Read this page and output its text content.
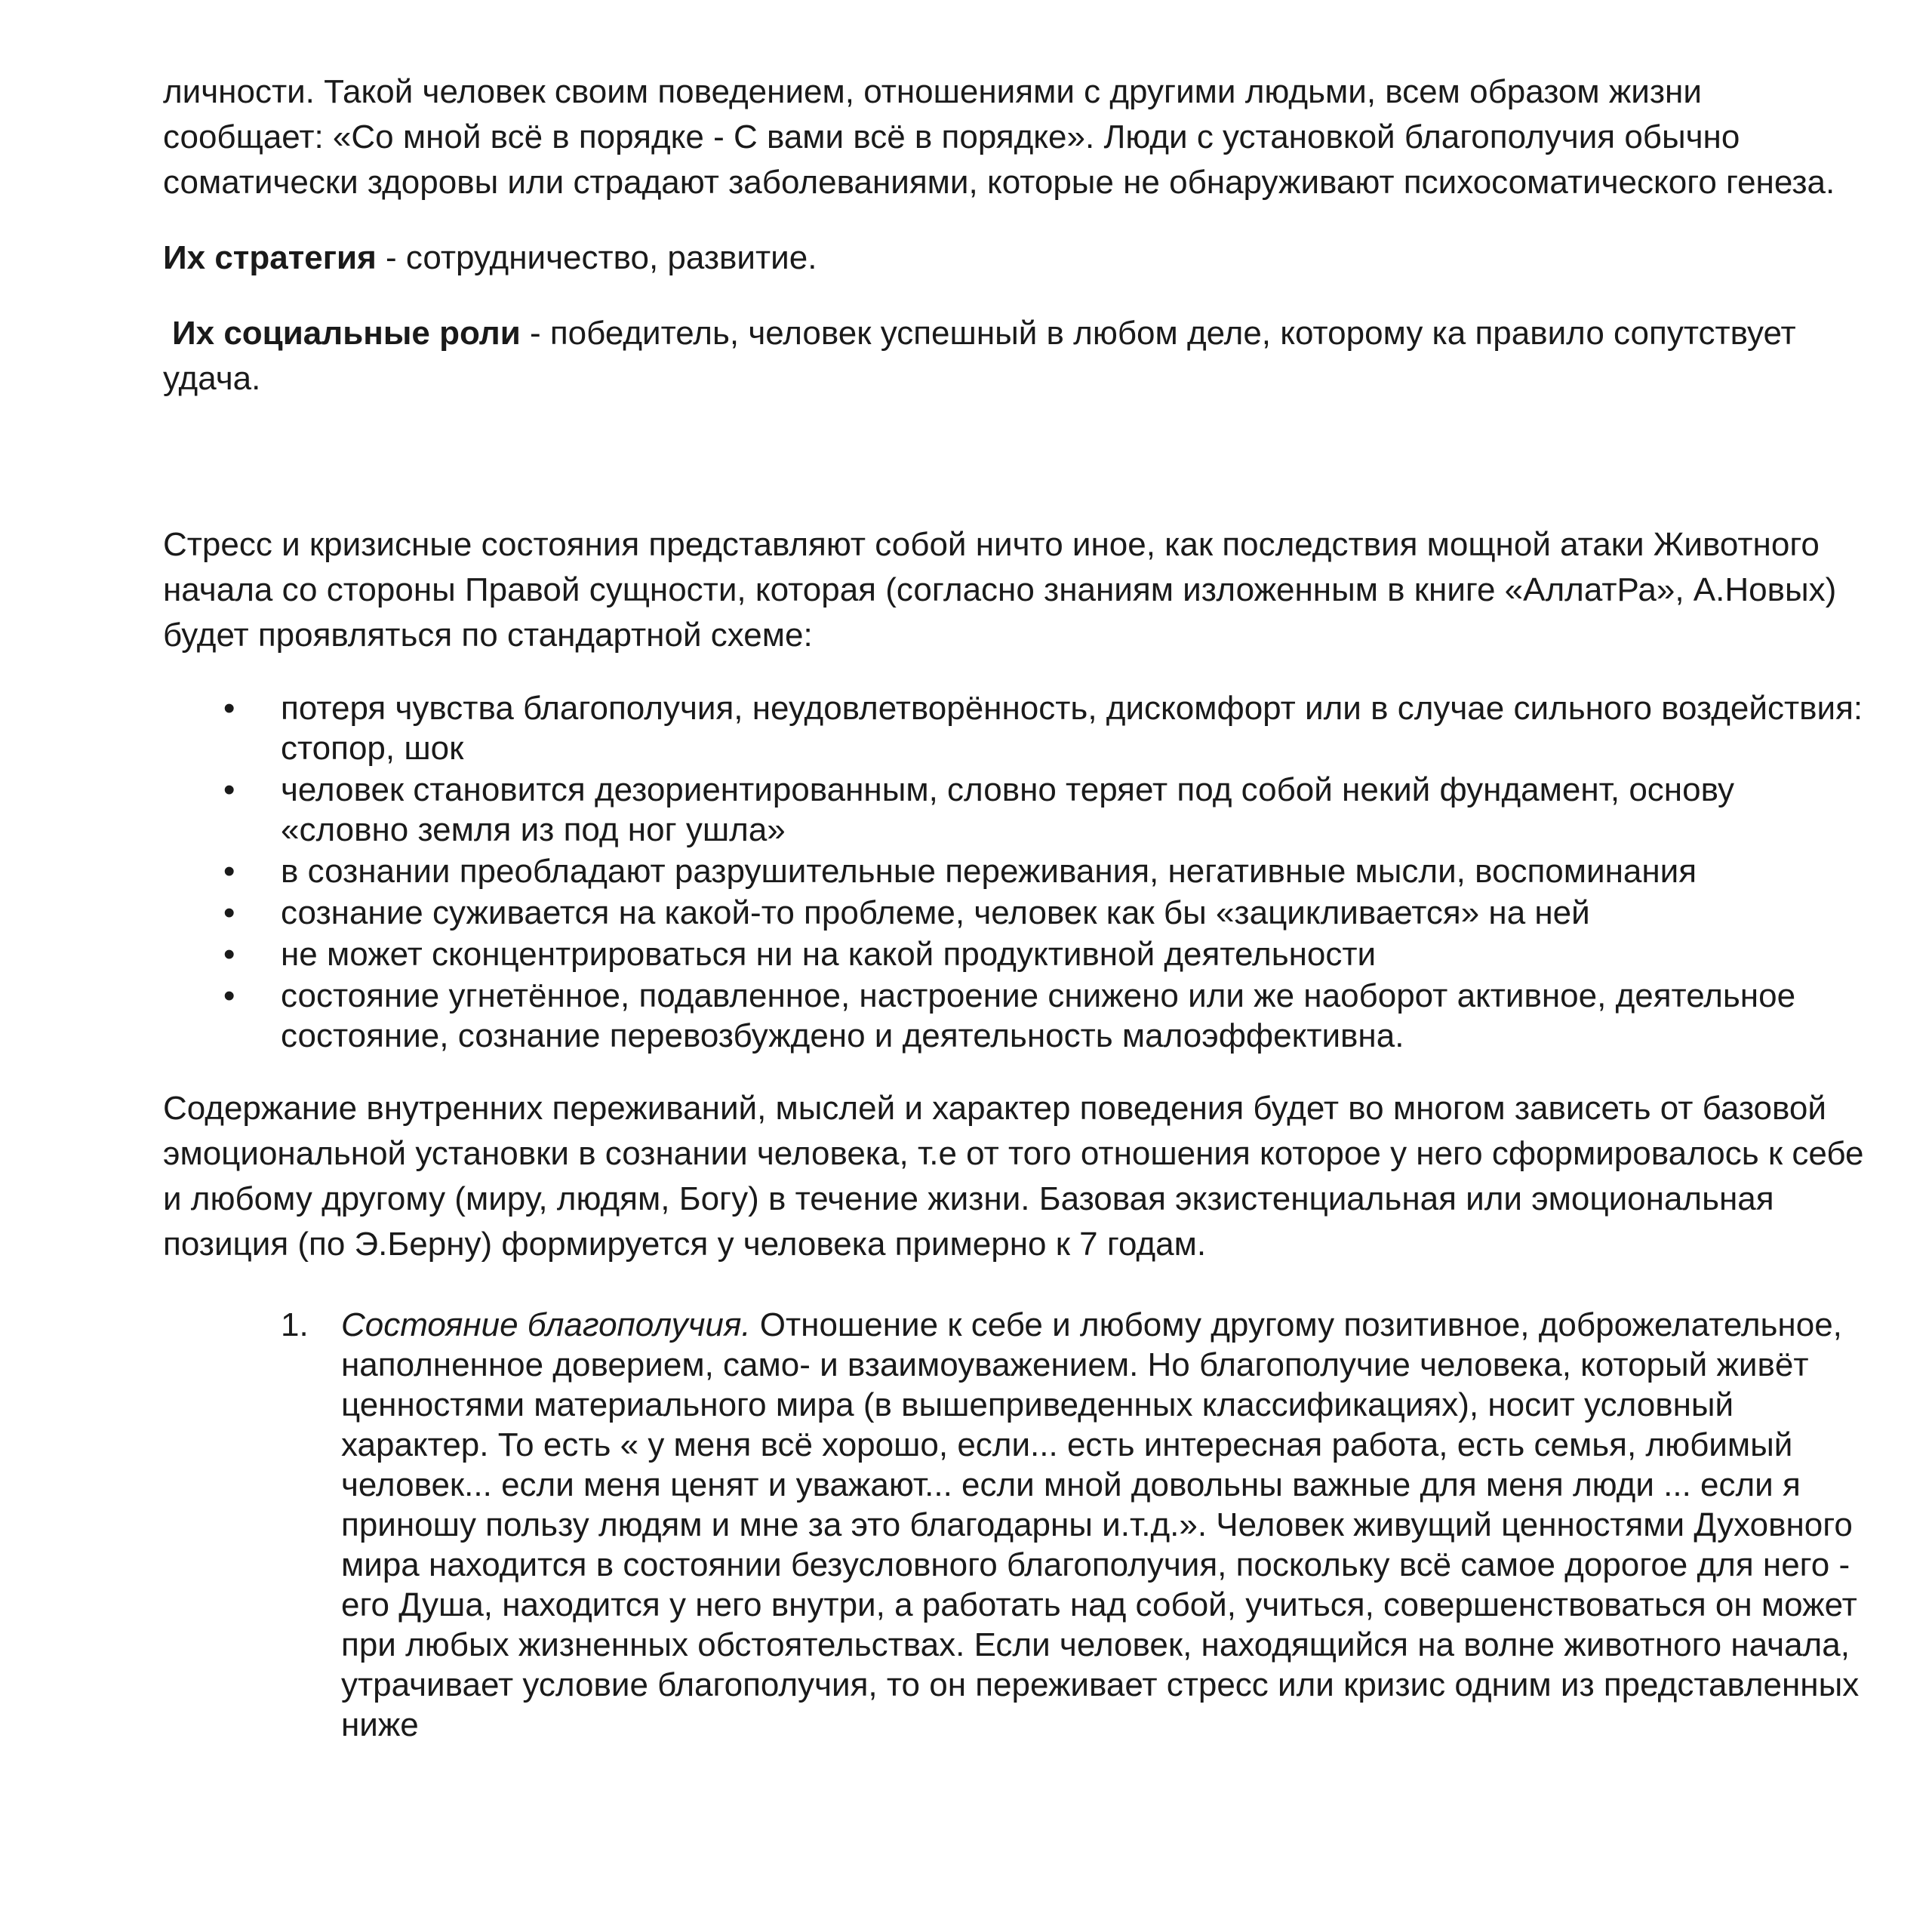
личности. Такой человек своим поведением, отношениями с другими людьми, всем образом жизни сообщает: «Со мной всё в порядке - С вами всё в порядке». Люди с установкой благополучия обычно соматически здоровы или страдают заболеваниями, которые не обнаруживают психосоматического генеза.

Их стратегия - сотрудничество, развитие.

Их социальные роли - победитель, человек успешный в любом деле, которому ка правило сопутствует удача.

Стресс и кризисные состояния представляют собой ничто иное, как последствия мощной атаки Животного начала со стороны Правой сущности, которая (согласно знаниям изложенным в книге «АллатРа», А.Новых) будет проявляться по стандартной схеме:

• потеря чувства благополучия, неудовлетворённость, дискомфорт или в случае сильного воздействия: стопор, шок
• человек становится дезориентированным, словно теряет под собой некий фундамент, основу «словно земля из под ног ушла»
• в сознании преобладают разрушительные переживания, негативные мысли, воспоминания
• сознание суживается на какой-то проблеме, человек как бы «зацикливается» на ней
• не может сконцентрироваться ни на какой продуктивной деятельности
• состояние угнетённое, подавленное, настроение снижено или же наоборот активное, деятельное состояние, сознание перевозбуждено и деятельность малоэффективна.

Содержание внутренних переживаний, мыслей и характер поведения будет во многом зависеть от базовой эмоциональной установки в сознании человека, т.е от того отношения которое у него сформировалось к себе и любому другому (миру, людям, Богу) в течение жизни. Базовая экзистенциальная или эмоциональная позиция (по Э.Берну) формируется у человека примерно к 7 годам.

1. Состояние благополучия. Отношение к себе и любому другому позитивное, доброжелательное, наполненное доверием, само- и взаимоуважением. Но благополучие человека, который живёт ценностями материального мира (в вышеприведенных классификациях), носит условный характер. То есть « у меня всё хорошо, если... есть интересная работа, есть семья, любимый человек... если меня ценят и уважают... если мной довольны важные для меня люди ... если я приношу пользу людям и мне за это благодарны и.т.д.». Человек живущий ценностями Духовного мира находится в состоянии безусловного благополучия, поскольку всё самое дорогое для него - его Душа, находится у него внутри, а работать над собой, учиться, совершенствоваться он может при любых жизненных обстоятельствах. Если человек, находящийся на волне животного начала, утрачивает условие благополучия, то он переживает стресс или кризис одним из представленных ниже
